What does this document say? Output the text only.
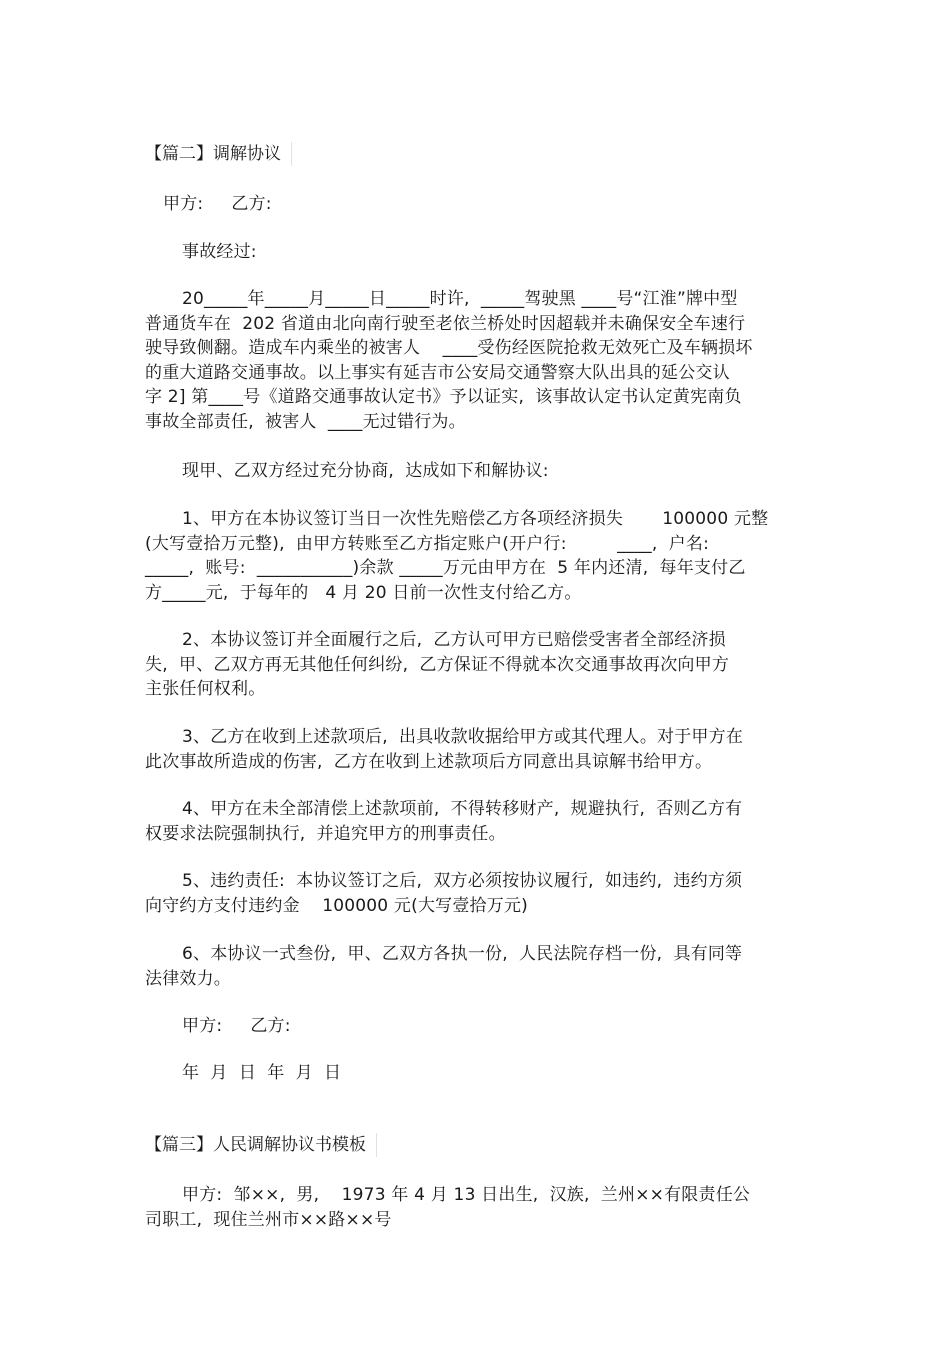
【篇二】调解协议
甲方:     乙方:
事故经过:
20_____年_____月_____日_____时许,  _____驾驶黑 ____号“江淮”牌中型
普通货车在  202 省道由北向南行驶至老依兰桥处时因超载并未确保安全车速行
驶导致侧翻。造成车内乘坐的被害人    ____受伤经医院抢救无效死亡及车辆损坏
的重大道路交通事故。以上事实有延吉市公安局交通警察大队出具的延公交认
字 2] 第____号《道路交通事故认定书》予以证实,  该事故认定书认定黄宪南负
事故全部责任,  被害人  ____无过错行为。
现甲、乙双方经过充分协商,  达成如下和解协议:
1、甲方在本协议签订当日一次性先赔偿乙方各项经济损失       100000 元整
(大写壹拾万元整),  由甲方转账至乙方指定账户(开户行:         ____,  户名:
_____,  账号:  ___________)余款 _____万元由甲方在  5 年内还清,  每年支付乙
方_____元,  于每年的   4 月 20 日前一次性支付给乙方。
2、本协议签订并全面履行之后,  乙方认可甲方已赔偿受害者全部经济损
失,  甲、乙双方再无其他任何纠纷,  乙方保证不得就本次交通事故再次向甲方
主张任何权利。
3、乙方在收到上述款项后,  出具收款收据给甲方或其代理人。对于甲方在
此次事故所造成的伤害,  乙方在收到上述款项后方同意出具谅解书给甲方。
4、甲方在未全部清偿上述款项前,  不得转移财产,  规避执行,  否则乙方有
权要求法院强制执行,  并追究甲方的刑事责任。
5、违约责任:  本协议签订之后,  双方必须按协议履行,  如违约,  违约方须
向守约方支付违约金    100000 元(大写壹拾万元)
6、本协议一式叁份,  甲、乙双方各执一份,  人民法院存档一份,  具有同等
法律效力。
甲方:     乙方:
年  月  日  年  月  日
【篇三】人民调解协议书模板
甲方:  邹××,  男,    1973 年 4 月 13 日出生,  汉族,  兰州××有限责任公
司职工,  现住兰州市××路××号
